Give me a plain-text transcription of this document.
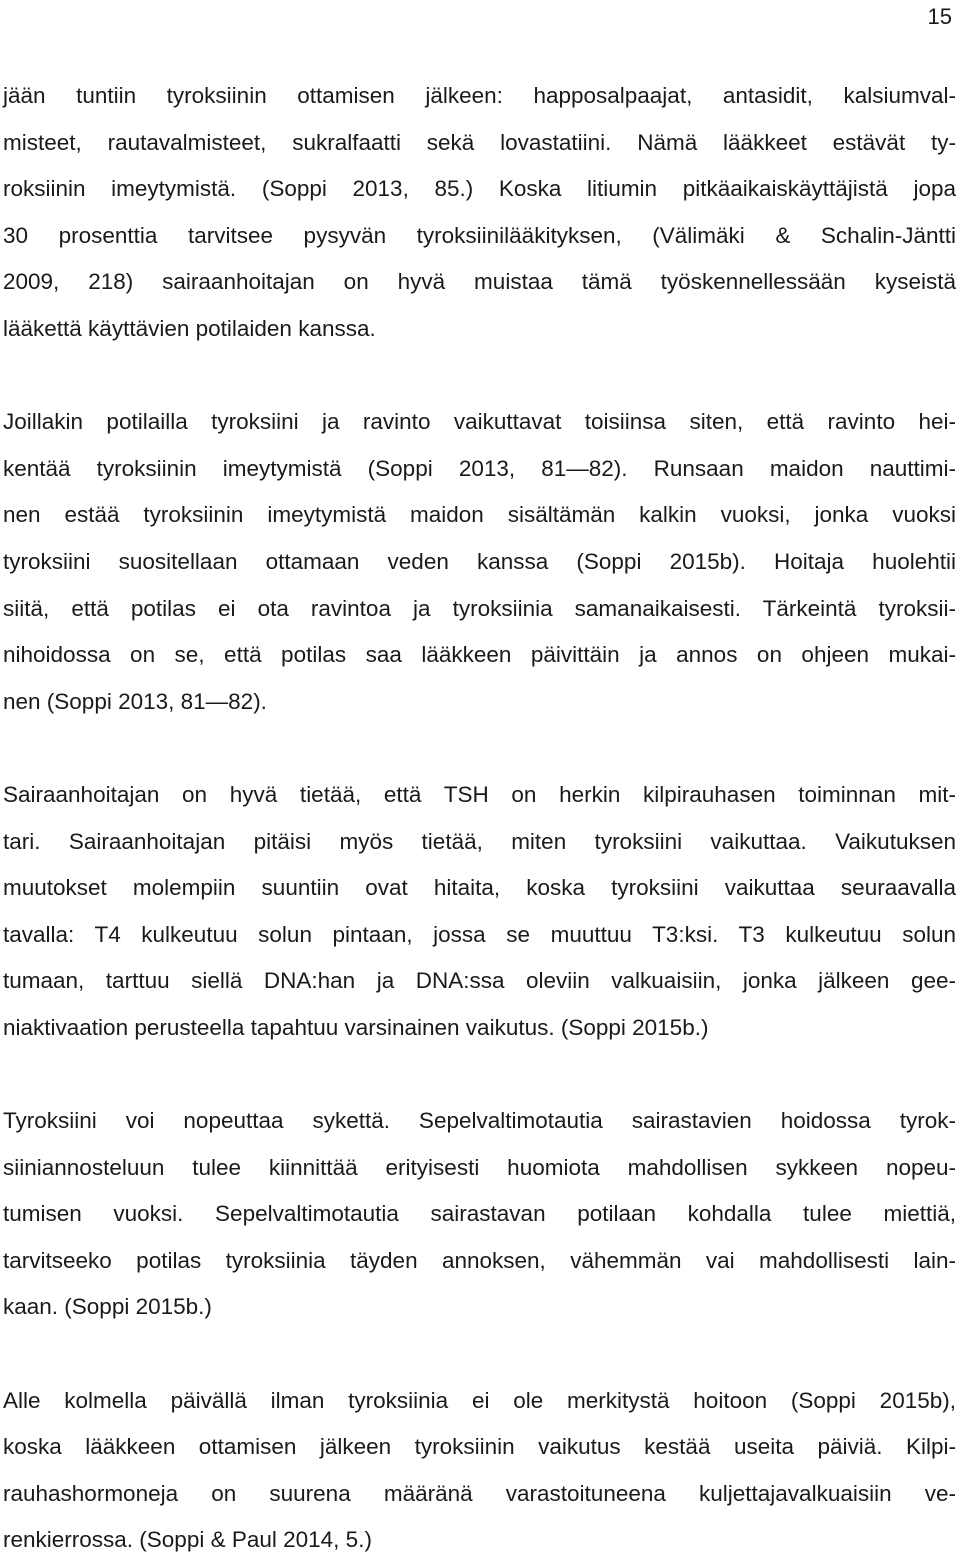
15
jään tuntiin tyroksiinin ottamisen jälkeen: happosalpaajat, antasidit, kalsiumval-
misteet, rautavalmisteet, sukralfaatti sekä lovastatiini. Nämä lääkkeet estävät ty-
roksiinin imeytymistä. (Soppi 2013, 85.) Koska litiumin pitkäaikaiskäyttäjistä jopa
30 prosenttia tarvitsee pysyvän tyroksiinilääkityksen, (Välimäki & Schalin-Jäntti
2009, 218) sairaanhoitajan on hyvä muistaa tämä työskennellessään kyseistä
lääkettä käyttävien potilaiden kanssa.
Joillakin potilailla tyroksiini ja ravinto vaikuttavat toisiinsa siten, että ravinto hei-
kentää tyroksiinin imeytymistä (Soppi 2013, 81—82). Runsaan maidon nauttimi-
nen estää tyroksiinin imeytymistä maidon sisältämän kalkin vuoksi, jonka vuoksi
tyroksiini suositellaan ottamaan veden kanssa (Soppi 2015b). Hoitaja huolehtii
siitä, että potilas ei ota ravintoa ja tyroksiinia samanaikaisesti. Tärkeintä tyroksii-
nihoidossa on se, että potilas saa lääkkeen päivittäin ja annos on ohjeen mukai-
nen (Soppi 2013, 81—82).
Sairaanhoitajan on hyvä tietää, että TSH on herkin kilpirauhasen toiminnan mit-
tari. Sairaanhoitajan pitäisi myös tietää, miten tyroksiini vaikuttaa. Vaikutuksen
muutokset molempiin suuntiin ovat hitaita, koska tyroksiini vaikuttaa seuraavalla
tavalla: T4 kulkeutuu solun pintaan, jossa se muuttuu T3:ksi. T3 kulkeutuu solun
tumaan, tarttuu siellä DNA:han ja DNA:ssa oleviin valkuaisiin, jonka jälkeen gee-
niaktivaation perusteella tapahtuu varsinainen vaikutus. (Soppi 2015b.)
Tyroksiini voi nopeuttaa sykettä. Sepelvaltimotautia sairastavien hoidossa tyrok-
siiniannosteluun tulee kiinnittää erityisesti huomiota mahdollisen sykkeen nopeu-
tumisen vuoksi. Sepelvaltimotautia sairastavan potilaan kohdalla tulee miettiä,
tarvitseeko potilas tyroksiinia täyden annoksen, vähemmän vai mahdollisesti lain-
kaan. (Soppi 2015b.)
Alle kolmella päivällä ilman tyroksiinia ei ole merkitystä hoitoon (Soppi 2015b),
koska lääkkeen ottamisen jälkeen tyroksiinin vaikutus kestää useita päiviä. Kilpi-
rauhashormoneja on suurena määränä varastoituneena kuljettajavalkuaisiin ve-
renkierrossa. (Soppi & Paul 2014, 5.)
